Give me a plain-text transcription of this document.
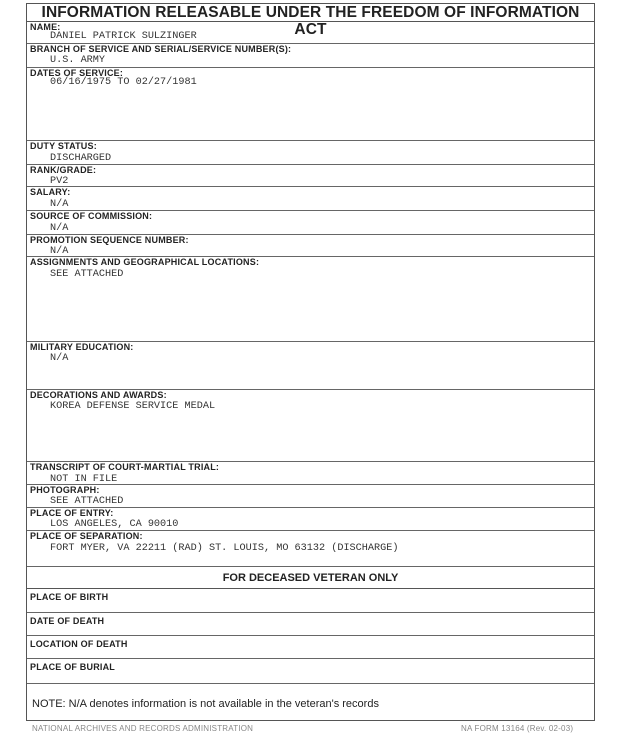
INFORMATION RELEASABLE UNDER THE FREEDOM OF INFORMATION ACT
NAME:
DANIEL PATRICK SULZINGER
BRANCH OF SERVICE AND SERIAL/SERVICE NUMBER(S):
U.S. ARMY
DATES OF SERVICE:
06/16/1975 TO 02/27/1981
DUTY STATUS:
DISCHARGED
RANK/GRADE:
PV2
SALARY:
N/A
SOURCE OF COMMISSION:
N/A
PROMOTION SEQUENCE NUMBER:
N/A
ASSIGNMENTS AND GEOGRAPHICAL LOCATIONS:
SEE ATTACHED
MILITARY EDUCATION:
N/A
DECORATIONS AND AWARDS:
KOREA DEFENSE SERVICE MEDAL
TRANSCRIPT OF COURT-MARTIAL TRIAL:
NOT IN FILE
PHOTOGRAPH:
SEE ATTACHED
PLACE OF ENTRY:
LOS ANGELES, CA 90010
PLACE OF SEPARATION:
FORT MYER, VA 22211 (RAD) ST. LOUIS, MO 63132 (DISCHARGE)
FOR DECEASED VETERAN ONLY
PLACE OF BIRTH
DATE OF DEATH
LOCATION OF DEATH
PLACE OF BURIAL
NOTE: N/A denotes information is not available in the veteran's records
NATIONAL ARCHIVES AND RECORDS ADMINISTRATION	NA FORM 13164 (Rev. 02-03)
